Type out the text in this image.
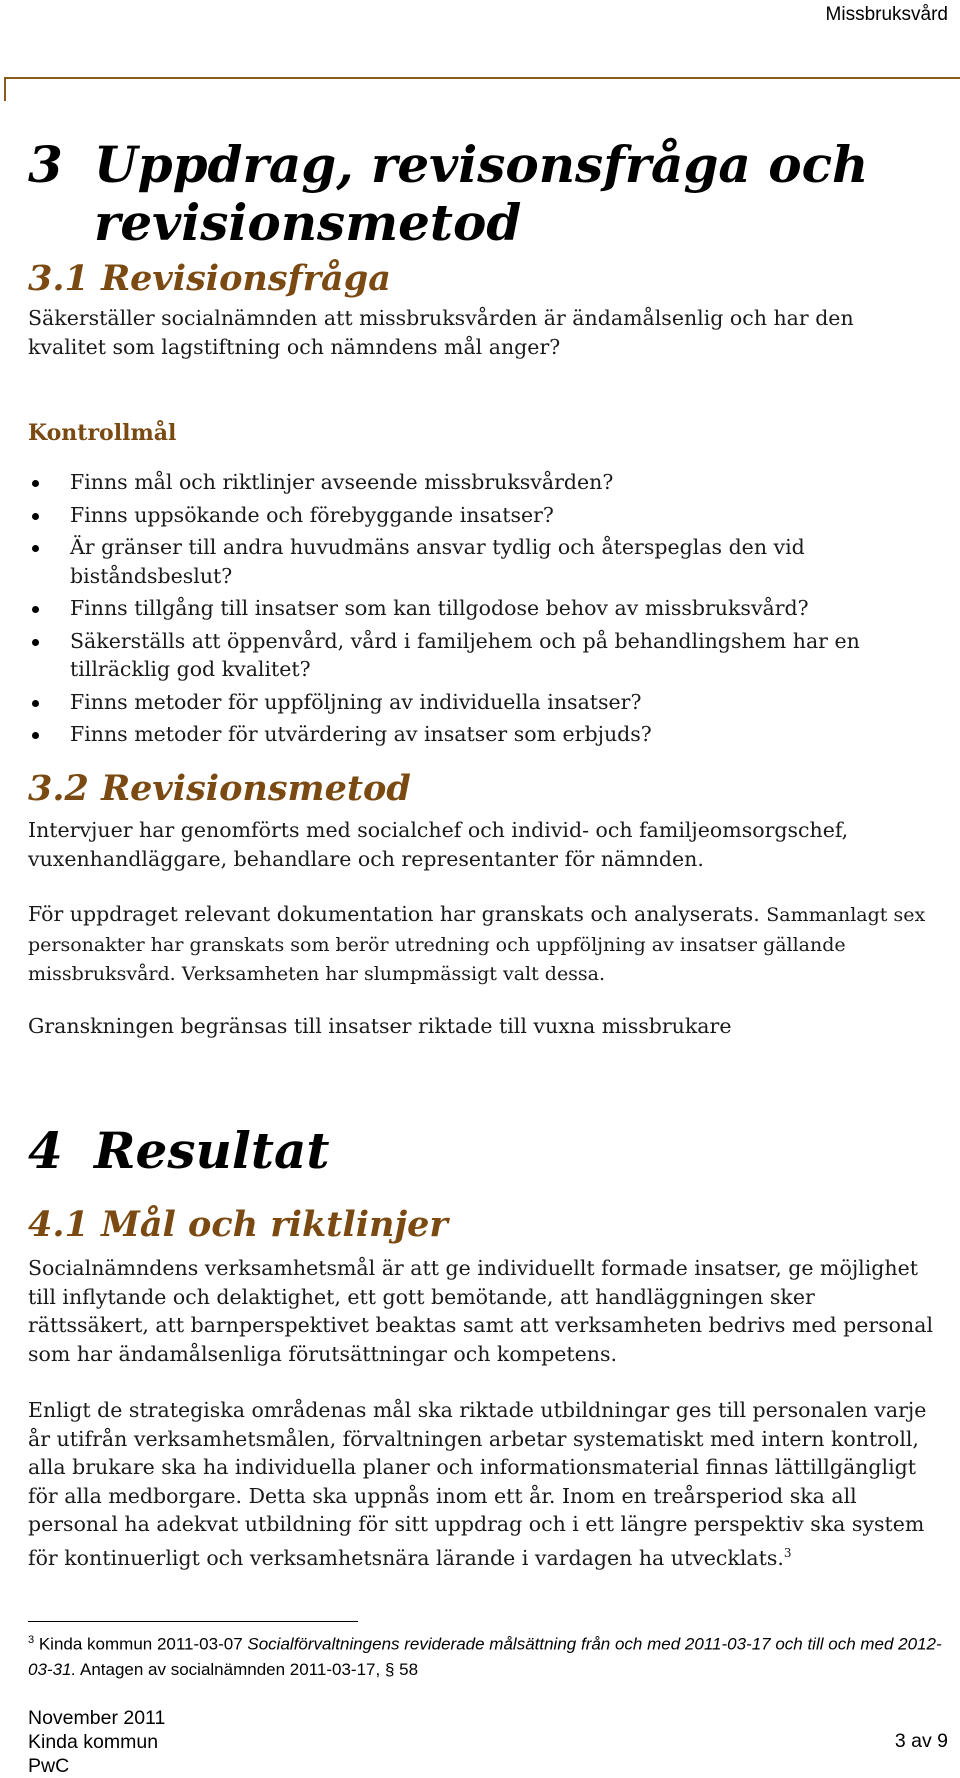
Missbruksvård
3 Uppdrag, revisonsfråga och
revisionsmetod
3.1 Revisionsfråga

Säkerställer socialnämnden att missbruksvården är ändamålsenlig och har den kvalitet som lagstiftning och nämndens mål anger?

Kontrollmål
Finns mål och riktlinjer avseende missbruksvården?
Finns uppsökande och förebyggande insatser?
Är gränser till andra huvudmäns ansvar tydlig och återspeglas den vid biståndsbeslut?
Finns tillgång till insatser som kan tillgodose behov av missbruksvård?
Säkerställs att öppenvård, vård i familjehem och på behandlingshem har en tillräcklig god kvalitet?
Finns metoder för uppföljning av individuella insatser?
Finns metoder för utvärdering av insatser som erbjuds?
3.2 Revisionsmetod

Intervjuer har genomförts med socialchef och individ- och familjeomsorgschef, vuxenhandläggare, behandlare och representanter för nämnden.

För uppdraget relevant dokumentation har granskats och analyserats. Sammanlagt sex personakter har granskats som berör utredning och uppföljning av insatser gällande missbruksvård. Verksamheten har slumpmässigt valt dessa.

Granskningen begränsas till insatser riktade till vuxna missbrukare

4 Resultat
4.1 Mål och riktlinjer

Socialnämndens verksamhetsmål är att ge individuellt formade insatser, ge möjlighet till inflytande och delaktighet, ett gott bemötande, att handläggningen sker rättssäkert, att barnperspektivet beaktas samt att verksamheten bedrivs med personal som har ändamålsenliga förutsättningar och kompetens.

Enligt de strategiska områdenas mål ska riktade utbildningar ges till personalen varje år utifrån verksamhetsmålen, förvaltningen arbetar systematiskt med intern kontroll, alla brukare ska ha individuella planer och informationsmaterial finnas lättillgängligt för alla medborgare. Detta ska uppnås inom ett år. Inom en treårsperiod ska all personal ha adekvat utbildning för sitt uppdrag och i ett längre perspektiv ska system för kontinuerligt och verksamhetsnära lärande i vardagen ha utvecklats.$^3$

$^3$ Kinda kommun 2011-03-07 Socialförvaltningens reviderade målsättning från och med 2011-03-17 och till och med 2012-03-31. Antagen av socialnämnden 2011-03-17, § 58
November 2011
Kinda kommun
PwC
3 av 9
